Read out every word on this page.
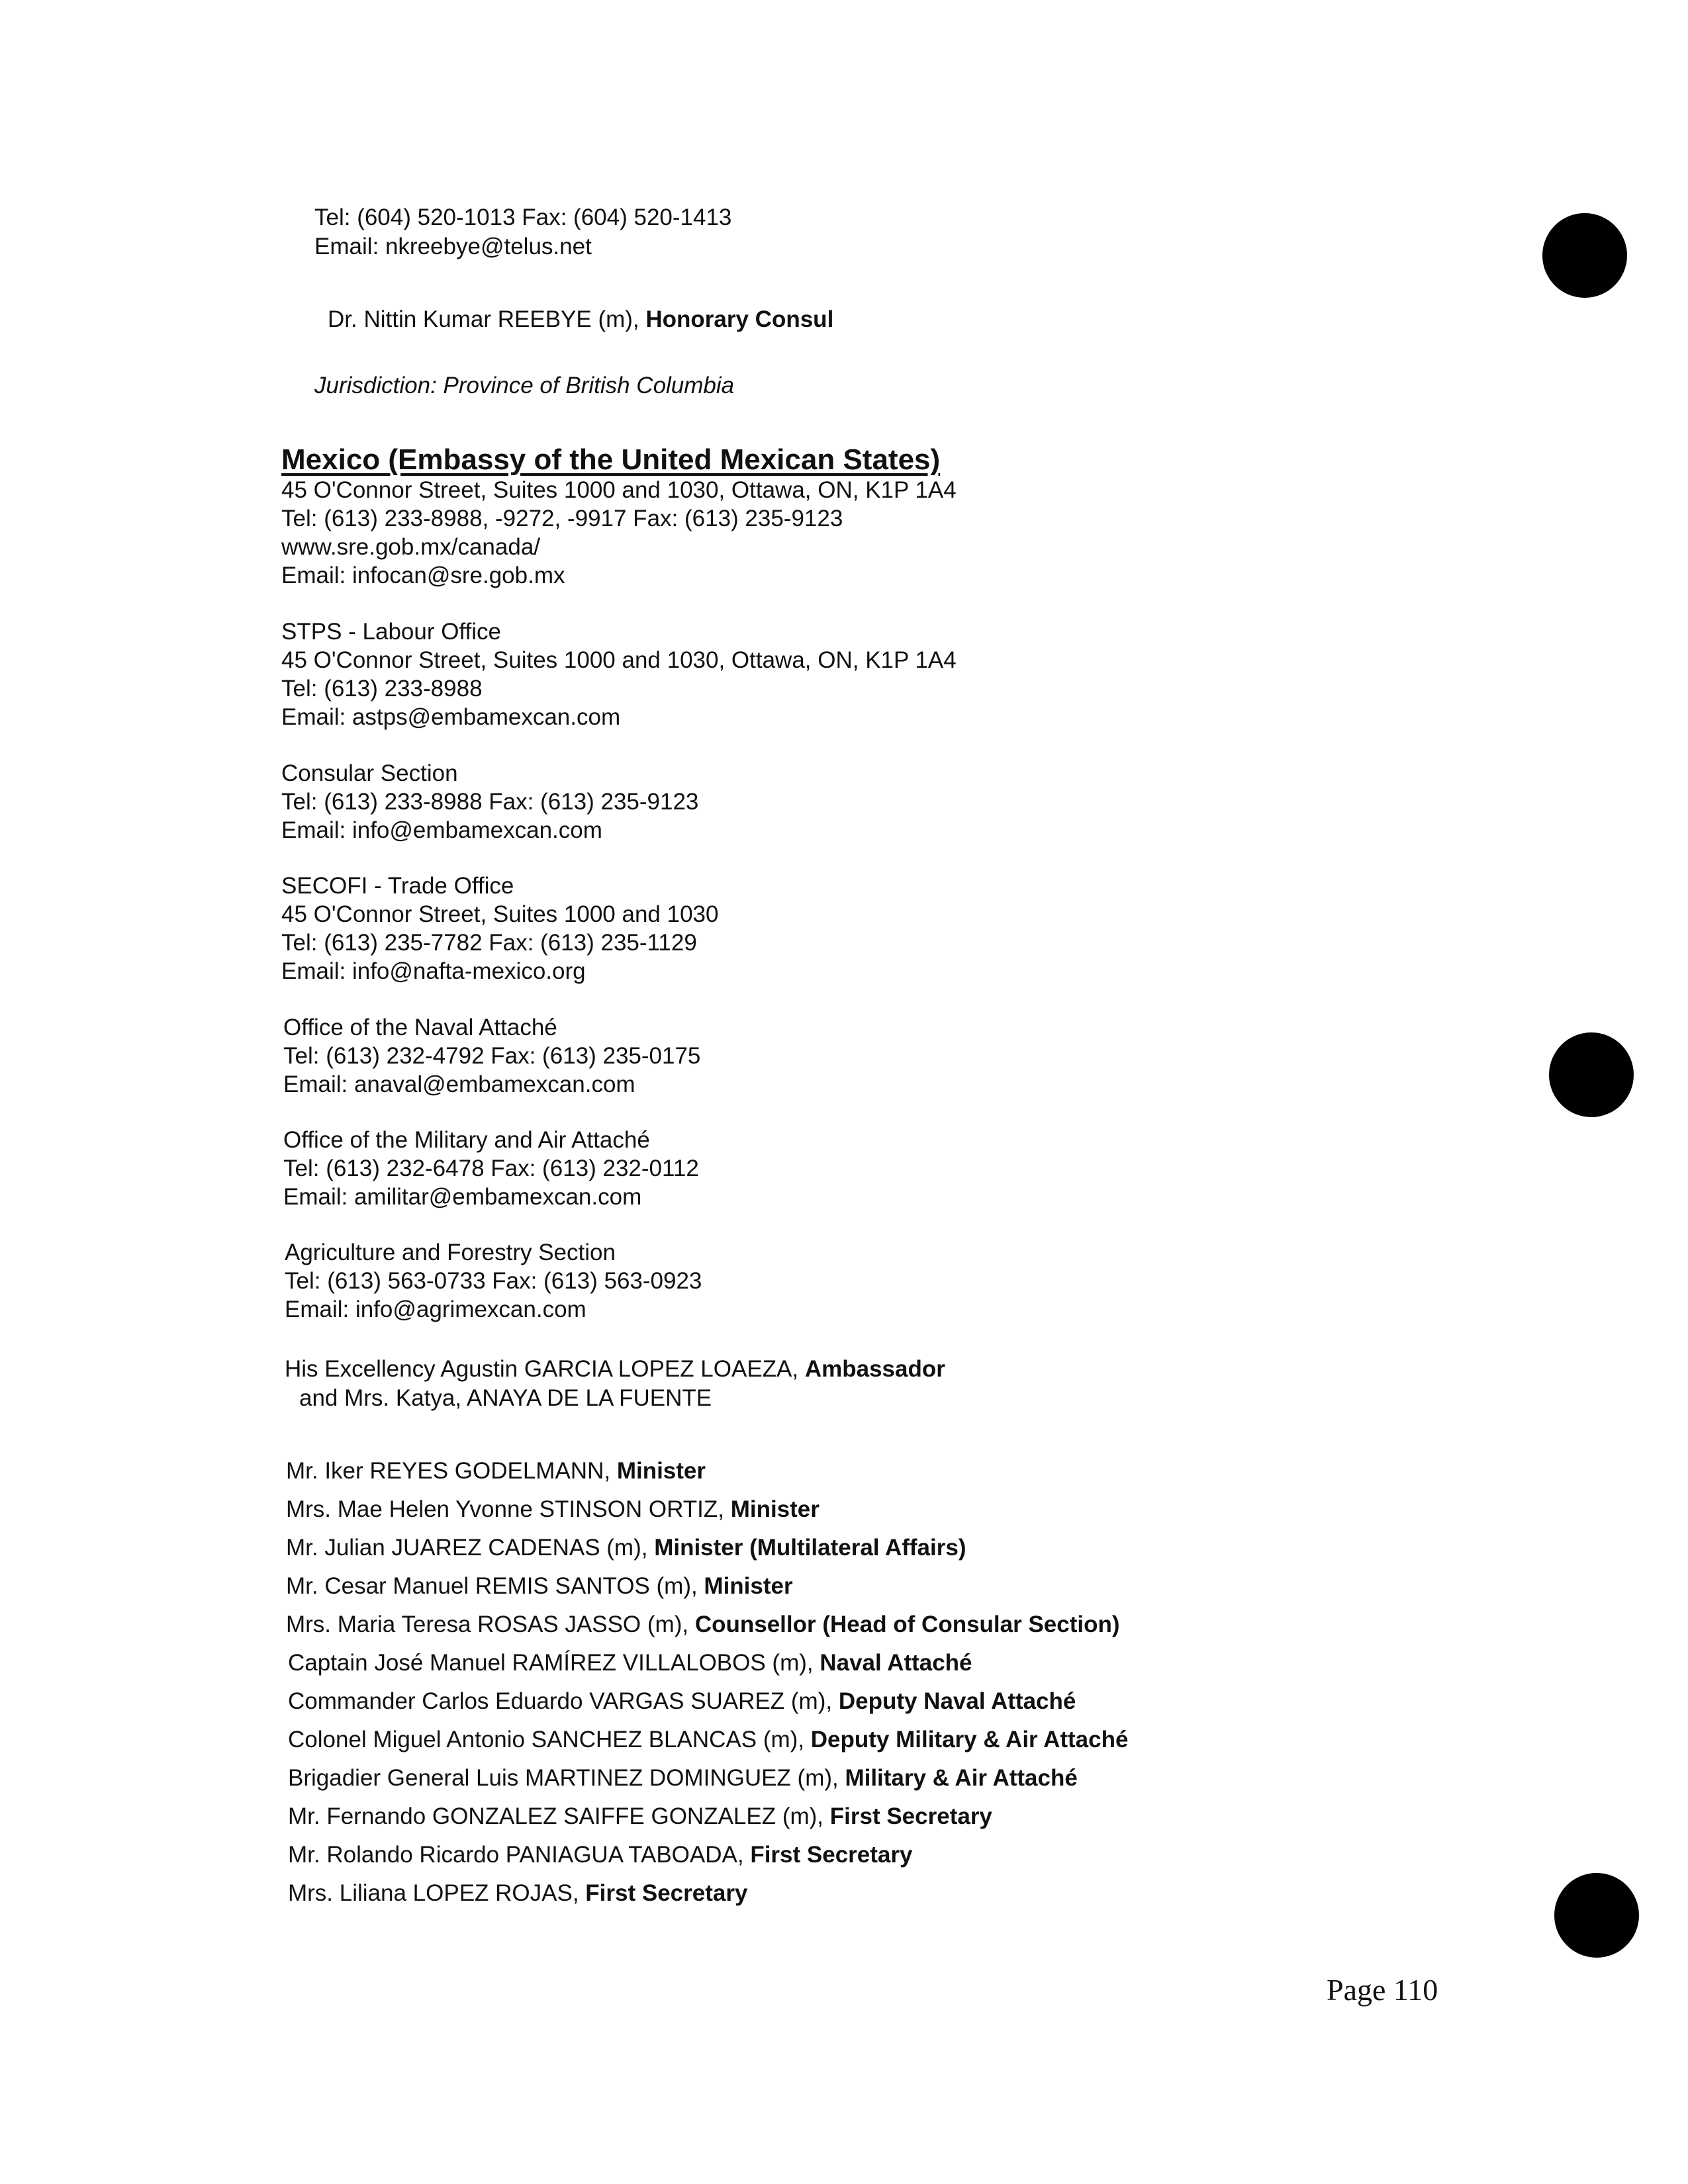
Tel: (604) 520-1013 Fax: (604) 520-1413
Email: nkreebye@telus.net
Dr. Nittin Kumar REEBYE (m), Honorary Consul
Jurisdiction: Province of British Columbia
Mexico (Embassy of the United Mexican States)
45 O'Connor Street, Suites 1000 and 1030, Ottawa, ON, K1P 1A4
Tel: (613) 233-8988, -9272, -9917 Fax: (613) 235-9123
www.sre.gob.mx/canada/
Email: infocan@sre.gob.mx
STPS - Labour Office
45 O'Connor Street, Suites 1000 and 1030, Ottawa, ON, K1P 1A4
Tel: (613) 233-8988
Email: astps@embamexcan.com
Consular Section
Tel: (613) 233-8988 Fax: (613) 235-9123
Email: info@embamexcan.com
SECOFI - Trade Office
45 O'Connor Street, Suites 1000 and 1030
Tel: (613) 235-7782 Fax: (613) 235-1129
Email: info@nafta-mexico.org
Office of the Naval Attaché
Tel: (613) 232-4792 Fax: (613) 235-0175
Email: anaval@embamexcan.com
Office of the Military and Air Attaché
Tel: (613) 232-6478 Fax: (613) 232-0112
Email: amilitar@embamexcan.com
Agriculture and Forestry Section
Tel: (613) 563-0733 Fax: (613) 563-0923
Email: info@agrimexcan.com
His Excellency Agustin GARCIA LOPEZ LOAEZA, Ambassador
and Mrs. Katya, ANAYA DE LA FUENTE
Mr. Iker REYES GODELMANN, Minister
Mrs. Mae Helen Yvonne STINSON ORTIZ, Minister
Mr. Julian JUAREZ CADENAS (m), Minister (Multilateral Affairs)
Mr. Cesar Manuel REMIS SANTOS (m), Minister
Mrs. Maria Teresa ROSAS JASSO (m), Counsellor (Head of Consular Section)
Captain José Manuel RAMÍREZ VILLALOBOS (m), Naval Attaché
Commander Carlos Eduardo VARGAS SUAREZ (m), Deputy Naval Attaché
Colonel Miguel Antonio SANCHEZ BLANCAS (m), Deputy Military & Air Attaché
Brigadier General Luis MARTINEZ DOMINGUEZ (m), Military & Air Attaché
Mr. Fernando GONZALEZ SAIFFE GONZALEZ (m), First Secretary
Mr. Rolando Ricardo PANIAGUA TABOADA, First Secretary
Mrs. Liliana LOPEZ ROJAS, First Secretary
Page 110
